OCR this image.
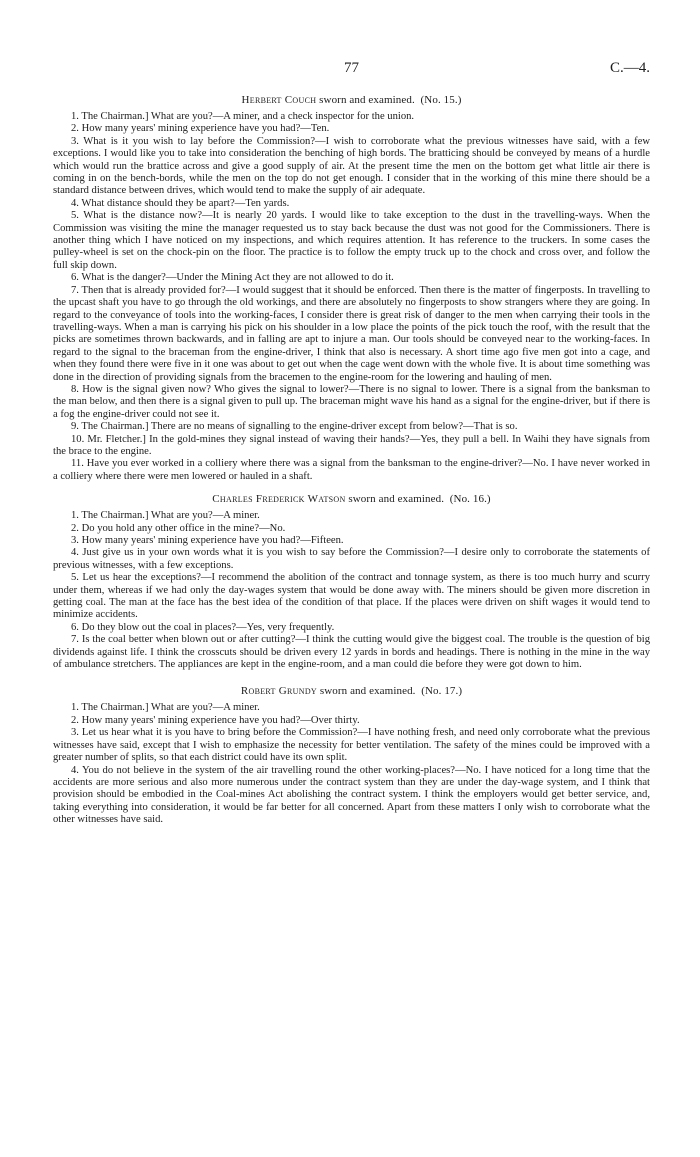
77	C.—4.
Herbert Couch sworn and examined. (No. 15.)

1. The Chairman.] What are you?—A miner, and a check inspector for the union.

2. How many years' mining experience have you had?—Ten.

3. What is it you wish to lay before the Commission?—I wish to corroborate what the previous witnesses have said, with a few exceptions. I would like you to take into consideration the benching of high bords. The bratticing should be conveyed by means of a hurdle which would run the brattice across and give a good supply of air. At the present time the men on the bottom get what little air there is coming in on the bench-bords, while the men on the top do not get enough. I consider that in the working of this mine there should be a standard distance between drives, which would tend to make the supply of air adequate.

4. What distance should they be apart?—Ten yards.

5. What is the distance now?—It is nearly 20 yards. I would like to take exception to the dust in the travelling-ways. When the Commission was visiting the mine the manager requested us to stay back because the dust was not good for the Commissioners. There is another thing which I have noticed on my inspections, and which requires attention. It has reference to the truckers. In some cases the pulley-wheel is set on the chock-pin on the floor. The practice is to follow the empty truck up to the chock and cross over, and follow the full skip down.

6. What is the danger?—Under the Mining Act they are not allowed to do it.

7. Then that is already provided for?—I would suggest that it should be enforced. Then there is the matter of fingerposts. In travelling to the upcast shaft you have to go through the old workings, and there are absolutely no fingerposts to show strangers where they are going. In regard to the conveyance of tools into the working-faces, I consider there is great risk of danger to the men when carrying their tools in the travelling-ways. When a man is carrying his pick on his shoulder in a low place the points of the pick touch the roof, with the result that the picks are sometimes thrown backwards, and in falling are apt to injure a man. Our tools should be conveyed near to the working-faces. In regard to the signal to the braceman from the engine-driver, I think that also is necessary. A short time ago five men got into a cage, and when they found there were five in it one was about to get out when the cage went down with the whole five. It is about time something was done in the direction of providing signals from the bracemen to the engine-room for the lowering and hauling of men.

8. How is the signal given now? Who gives the signal to lower?—There is no signal to lower. There is a signal from the banksman to the man below, and then there is a signal given to pull up. The braceman might wave his hand as a signal for the engine-driver, but if there is a fog the engine-driver could not see it.

9. The Chairman.] There are no means of signalling to the engine-driver except from below?—That is so.

10. Mr. Fletcher.] In the gold-mines they signal instead of waving their hands?—Yes, they pull a bell. In Waihi they have signals from the brace to the engine.

11. Have you ever worked in a colliery where there was a signal from the banksman to the engine-driver?—No. I have never worked in a colliery where there were men lowered or hauled in a shaft.

Charles Frederick Watson sworn and examined. (No. 16.)

1. The Chairman.] What are you?—A miner.

2. Do you hold any other office in the mine?—No.

3. How many years' mining experience have you had?—Fifteen.

4. Just give us in your own words what it is you wish to say before the Commission?—I desire only to corroborate the statements of previous witnesses, with a few exceptions.

5. Let us hear the exceptions?—I recommend the abolition of the contract and tonnage system, as there is too much hurry and scurry under them, whereas if we had only the day-wages system that would be done away with. The miners should be given more discretion in getting coal. The man at the face has the best idea of the condition of that place. If the places were driven on shift wages it would tend to minimize accidents.

6. Do they blow out the coal in places?—Yes, very frequently.

7. Is the coal better when blown out or after cutting?—I think the cutting would give the biggest coal. The trouble is the question of big dividends against life. I think the crosscuts should be driven every 12 yards in bords and headings. There is nothing in the mine in the way of ambulance stretchers. The appliances are kept in the engine-room, and a man could die before they were got down to him.

Robert Grundy sworn and examined. (No. 17.)

1. The Chairman.] What are you?—A miner.

2. How many years' mining experience have you had?—Over thirty.

3. Let us hear what it is you have to bring before the Commission?—I have nothing fresh, and need only corroborate what the previous witnesses have said, except that I wish to emphasize the necessity for better ventilation. The safety of the mines could be improved with a greater number of splits, so that each district could have its own split.

4. You do not believe in the system of the air travelling round the other working-places?—No. I have noticed for a long time that the accidents are more serious and also more numerous under the contract system than they are under the day-wage system, and I think that provision should be embodied in the Coal-mines Act abolishing the contract system. I think the employers would get better service, and, taking everything into consideration, it would be far better for all concerned. Apart from these matters I only wish to corroborate what the other witnesses have said.
